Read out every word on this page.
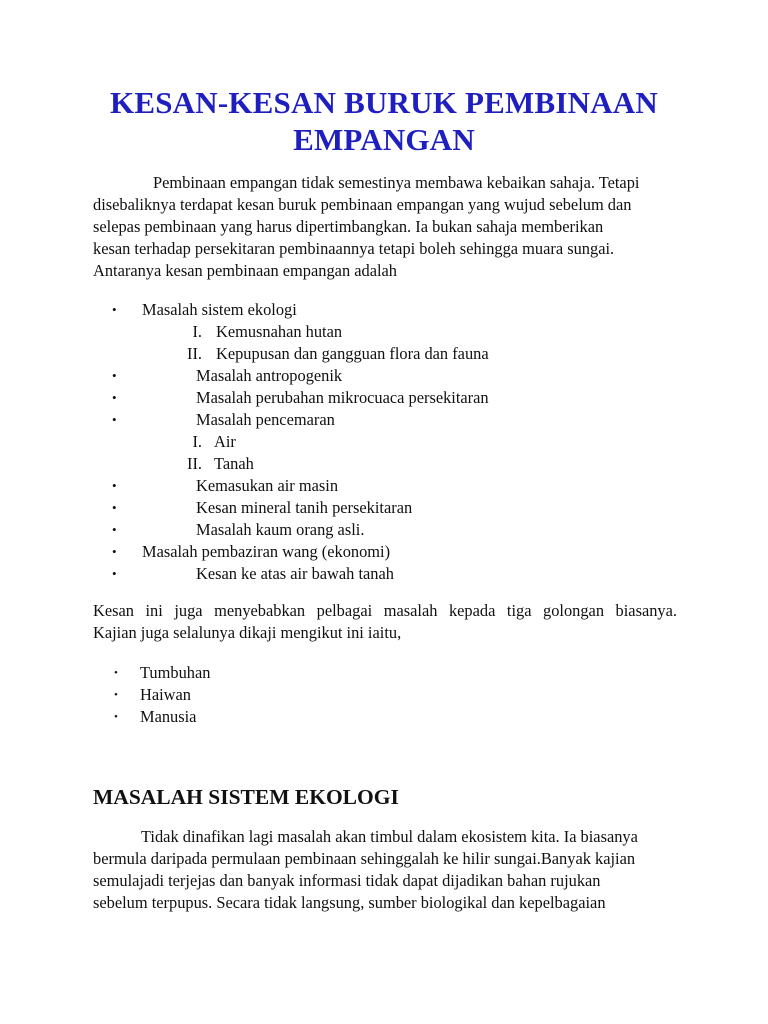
KESAN-KESAN BURUK PEMBINAAN
EMPANGAN

Pembinaan empangan tidak semestinya membawa kebaikan sahaja. Tetapi
disebaliknya terdapat kesan buruk pembinaan empangan yang wujud sebelum dan
selepas pembinaan yang harus dipertimbangkan. Ia bukan sahaja memberikan
kesan terhadap persekitaran pembinaannya tetapi boleh sehingga muara sungai.
Antaranya kesan pembinaan empangan adalah

• Masalah sistem ekologi
I. Kemusnahan hutan
II. Kepupusan dan gangguan flora dan fauna
•	Masalah antropogenik
•	Masalah perubahan mikrocuaca persekitaran
•	Masalah pencemaran
I. Air
II. Tanah
•	Kemasukan air masin
•	Kesan mineral tanih persekitaran
•	Masalah kaum orang asli.
• Masalah pembaziran wang (ekonomi)
•	Kesan ke atas air bawah tanah

Kesan ini juga menyebabkan pelbagai masalah kepada tiga golongan biasanya.
Kajian juga selalunya dikaji mengikut ini iaitu,

• Tumbuhan
• Haiwan
• Manusia
MASALAH SISTEM EKOLOGI

Tidak dinafikan lagi masalah akan timbul dalam ekosistem kita. Ia biasanya
bermula daripada permulaan pembinaan sehinggalah ke hilir sungai.Banyak kajian
semulajadi terjejas dan banyak informasi tidak dapat dijadikan bahan rujukan
sebelum terpupus. Secara tidak langsung, sumber biologikal dan kepelbagaian
